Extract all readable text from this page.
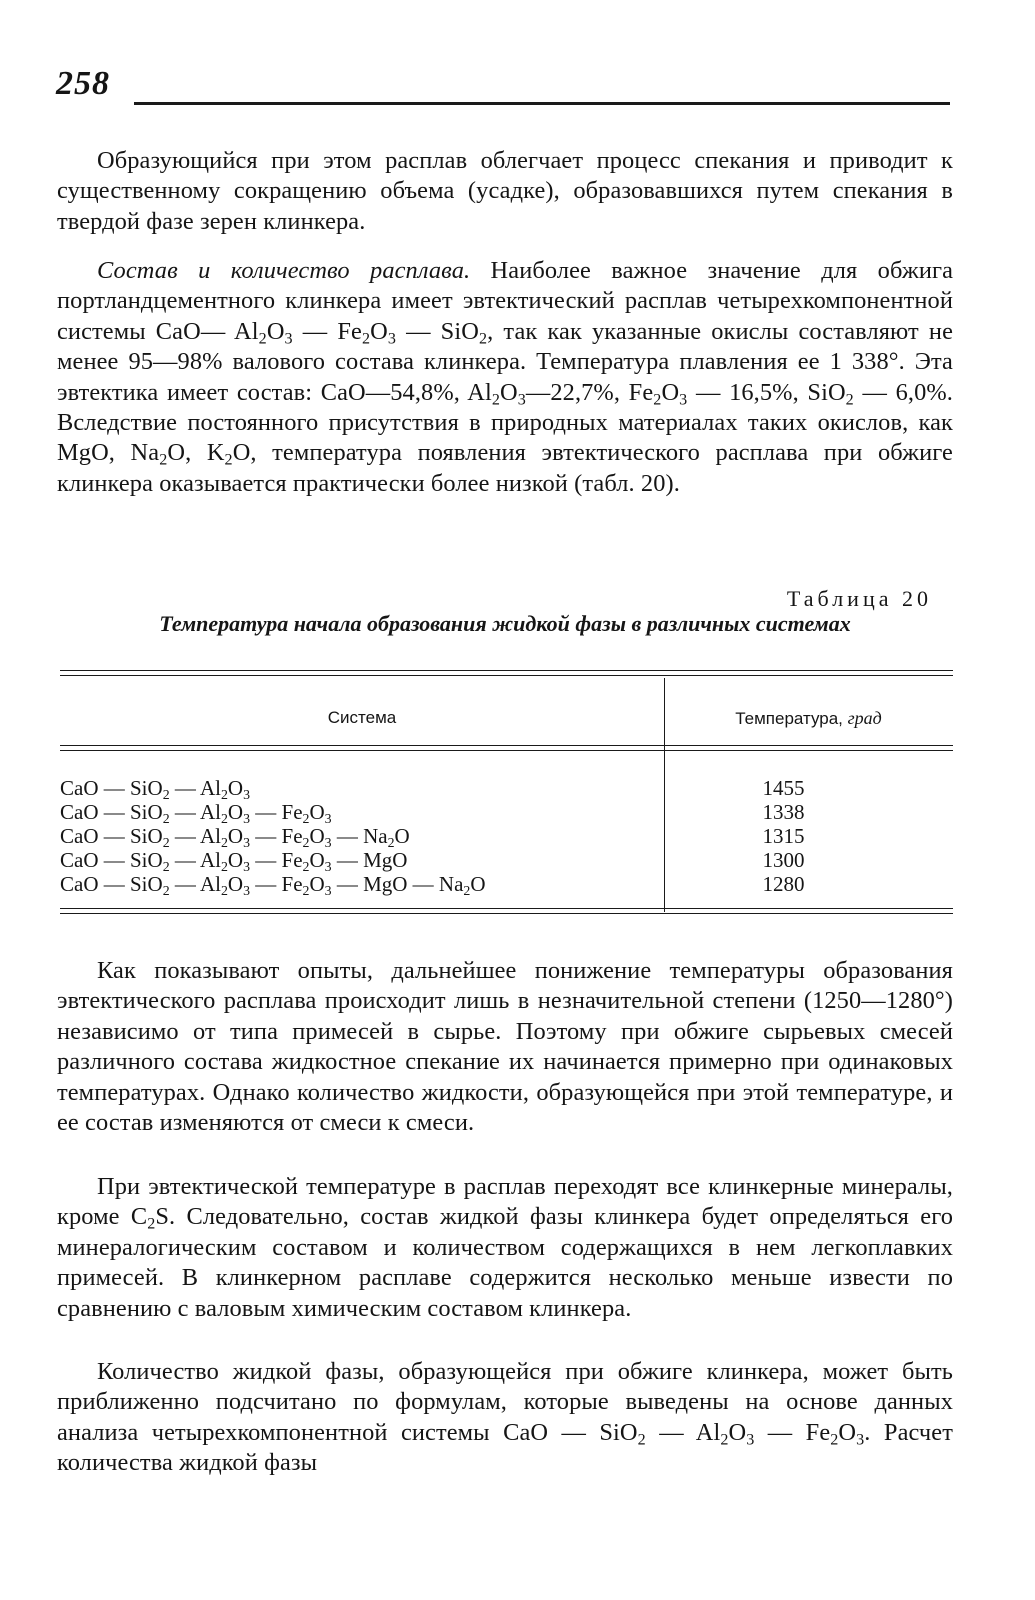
258

Образующийся при этом расплав облегчает процесс спекания и приводит к существенному сокращению объема (усадке), образовавшихся путем спекания в твердой фазе зерен клинкера.

Состав и количество расплава. Наиболее важное значение для обжига портландцементного клинкера имеет эвтектический расплав четырехкомпонентной системы CaO— $Al_2O_3$ — $Fe_2O_3$ — SiO$_2$, так как указанные окислы составляют не менее 95—98% валового состава клинкера. Температура плавления ее 1 338°. Эта эвтектика имеет состав: CaO—54,8%, $Al_2O_3—22,7\%$, $Fe_2O_3$ — 16,5%, SiO$_2$ — 6,0%. Вследствие постоянного присутствия в природных материалах таких окислов, как MgO, $Na_2O$, $K_2O$, температура появления эвтектического расплава при обжиге клинкера оказывается практически более низкой (табл. 20).

Таблица 20
Температура начала образования жидкой фазы в различных системах
Система	Температура, град
CaO — SiO$_2$ — $Al_2O_3$	1455
CaO — SiO$_2$ — $Al_2O_3$ — $Fe_2O_3$	1338
CaO — SiO$_2$ — $Al_2O_3$ — $Fe_2O_3$ — $Na_2O$	1315
CaO — SiO$_2$ — $Al_2O_3$ — $Fe_2O_3$ — MgO	1300
CaO — SiO$_2$ — $Al_2O_3$ — $Fe_2O_3$ — MgO — $Na_2O$	1280

Как показывают опыты, дальнейшее понижение температуры образования эвтектического расплава происходит лишь в незначительной степени (1250—1280°) независимо от типа примесей в сырье. Поэтому при обжиге сырьевых смесей различного состава жидкостное спекание их начинается примерно при одинаковых температурах. Однако количество жидкости, образующейся при этой температуре, и ее состав изменяются от смеси к смеси.

При эвтектической температуре в расплав переходят все клинкерные минералы, кроме $C_2S$. Следовательно, состав жидкой фазы клинкера будет определяться его минералогическим составом и количеством содержащихся в нем легкоплавких примесей. В клинкерном расплаве содержится несколько меньше извести по сравнению с валовым химическим составом клинкера.

Количество жидкой фазы, образующейся при обжиге клинкера, может быть приближенно подсчитано по формулам, которые выведены на основе данных анализа четырехкомпонентной системы CaO — SiO$_2$ — $Al_2O_3$ — $Fe_2O_3$. Расчет количества жидкой фазы
